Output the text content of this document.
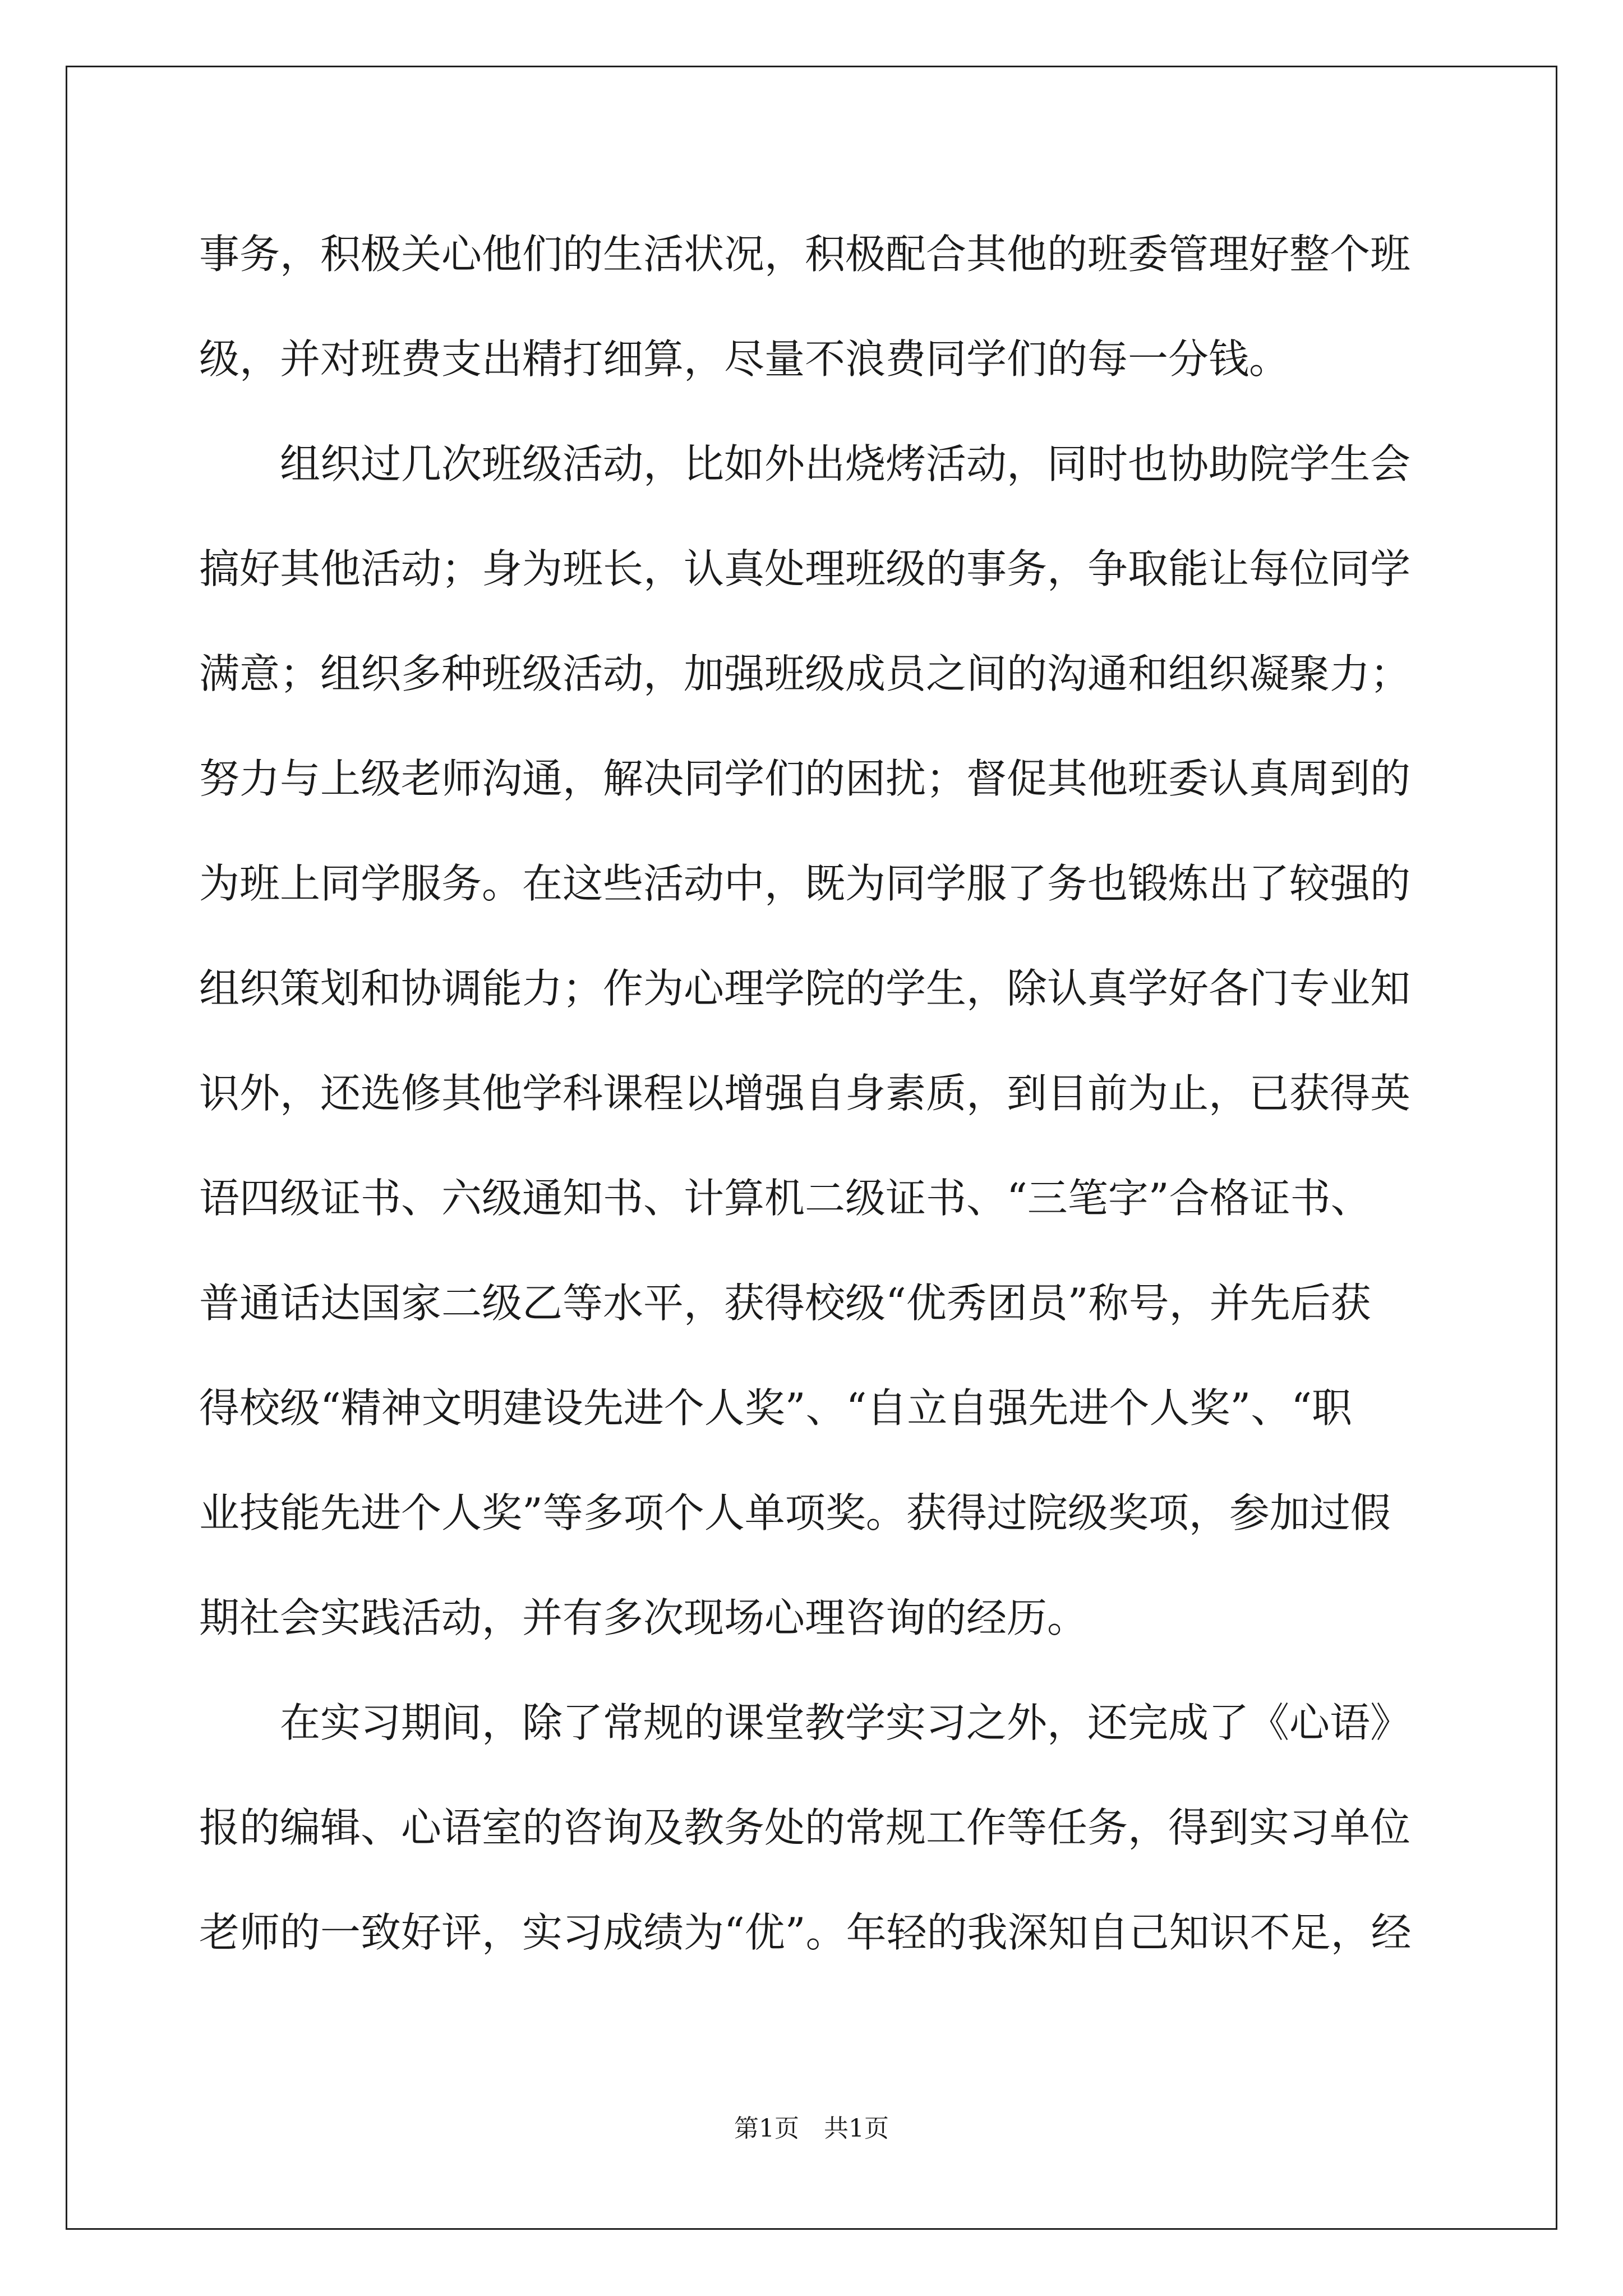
事务，积极关心他们的生活状况，积极配合其他的班委管理好整个班
级，并对班费支出精打细算，尽量不浪费同学们的每一分钱。
　　组织过几次班级活动，比如外出烧烤活动，同时也协助院学生会
搞好其他活动；身为班长，认真处理班级的事务，争取能让每位同学
满意；组织多种班级活动，加强班级成员之间的沟通和组织凝聚力；
努力与上级老师沟通，解决同学们的困扰；督促其他班委认真周到的
为班上同学服务。在这些活动中，既为同学服了务也锻炼出了较强的
组织策划和协调能力；作为心理学院的学生，除认真学好各门专业知
识外，还选修其他学科课程以增强自身素质，到目前为止，已获得英
语四级证书、六级通知书、计算机二级证书、“三笔字”合格证书、
普通话达国家二级乙等水平，获得校级“优秀团员”称号，并先后获
得校级“精神文明建设先进个人奖”、“自立自强先进个人奖”、“职
业技能先进个人奖”等多项个人单项奖。获得过院级奖项，参加过假
期社会实践活动，并有多次现场心理咨询的经历。
　　在实习期间，除了常规的课堂教学实习之外，还完成了《心语》
报的编辑、心语室的咨询及教务处的常规工作等任务，得到实习单位
老师的一致好评，实习成绩为“优”。年轻的我深知自己知识不足，经
第1页　共1页
